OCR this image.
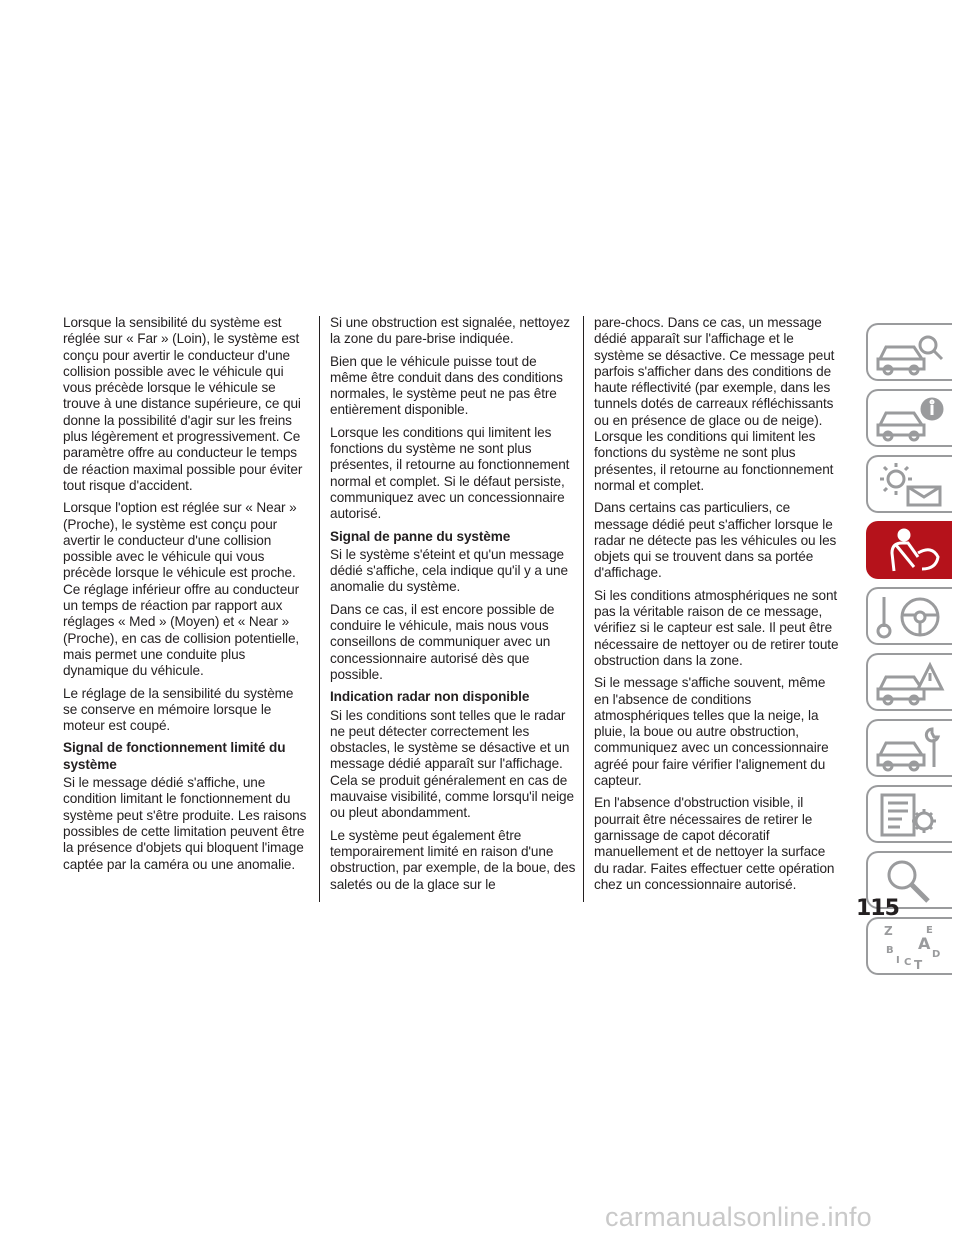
Lorsque la sensibilité du système est réglée sur « Far » (Loin), le système est conçu pour avertir le conducteur d'une collision possible avec le véhicule qui vous précède lorsque le véhicule se trouve à une distance supérieure, ce qui donne la possibilité d'agir sur les freins plus légèrement et progressivement. Ce paramètre offre au conducteur le temps de réaction maximal possible pour éviter tout risque d'accident.

Lorsque l'option est réglée sur « Near » (Proche), le système est conçu pour avertir le conducteur d'une collision possible avec le véhicule qui vous précède lorsque le véhicule est proche. Ce réglage inférieur offre au conducteur un temps de réaction par rapport aux réglages « Med » (Moyen) et « Near » (Proche), en cas de collision potentielle, mais permet une conduite plus dynamique du véhicule.

Le réglage de la sensibilité du système se conserve en mémoire lorsque le moteur est coupé.

Signal de fonctionnement limité du système

Si le message dédié s'affiche, une condition limitant le fonctionnement du système peut s'être produite. Les raisons possibles de cette limitation peuvent être la présence d'objets qui bloquent l'image captée par la caméra ou une anomalie.

Si une obstruction est signalée, nettoyez la zone du pare-brise indiquée.

Bien que le véhicule puisse tout de même être conduit dans des conditions normales, le système peut ne pas être entièrement disponible.

Lorsque les conditions qui limitent les fonctions du système ne sont plus présentes, il retourne au fonctionnement normal et complet. Si le défaut persiste, communiquez avec un concessionnaire autorisé.

Signal de panne du système

Si le système s'éteint et qu'un message dédié s'affiche, cela indique qu'il y a une anomalie du système.

Dans ce cas, il est encore possible de conduire le véhicule, mais nous vous conseillons de communiquer avec un concessionnaire autorisé dès que possible.

Indication radar non disponible

Si les conditions sont telles que le radar ne peut détecter correctement les obstacles, le système se désactive et un message dédié apparaît sur l'affichage. Cela se produit généralement en cas de mauvaise visibilité, comme lorsqu'il neige ou pleut abondamment.

Le système peut également être temporairement limité en raison d'une obstruction, par exemple, de la boue, des saletés ou de la glace sur le

pare-chocs. Dans ce cas, un message dédié apparaît sur l'affichage et le système se désactive. Ce message peut parfois s'afficher dans des conditions de haute réflectivité (par exemple, dans les tunnels dotés de carreaux réfléchissants ou en présence de glace ou de neige). Lorsque les conditions qui limitent les fonctions du système ne sont plus présentes, il retourne au fonctionnement normal et complet.

Dans certains cas particuliers, ce message dédié peut s'afficher lorsque le radar ne détecte pas les véhicules ou les objets qui se trouvent dans sa portée d'affichage.

Si les conditions atmosphériques ne sont pas la véritable raison de ce message, vérifiez si le capteur est sale. Il peut être nécessaire de nettoyer ou de retirer toute obstruction dans la zone.

Si le message s'affiche souvent, même en l'absence de conditions atmosphériques telles que la neige, la pluie, la boue ou autre obstruction, communiquez avec un concessionnaire agréé pour faire vérifier l'alignement du capteur.

En l'absence d'obstruction visible, il pourrait être nécessaires de retirer le garnissage de capot décoratif manuellement et de nettoyer la surface du radar. Faites effectuer cette opération chez un concessionnaire autorisé.

Z	E
A
B	D
I C T
115
carmanualsonline.info
